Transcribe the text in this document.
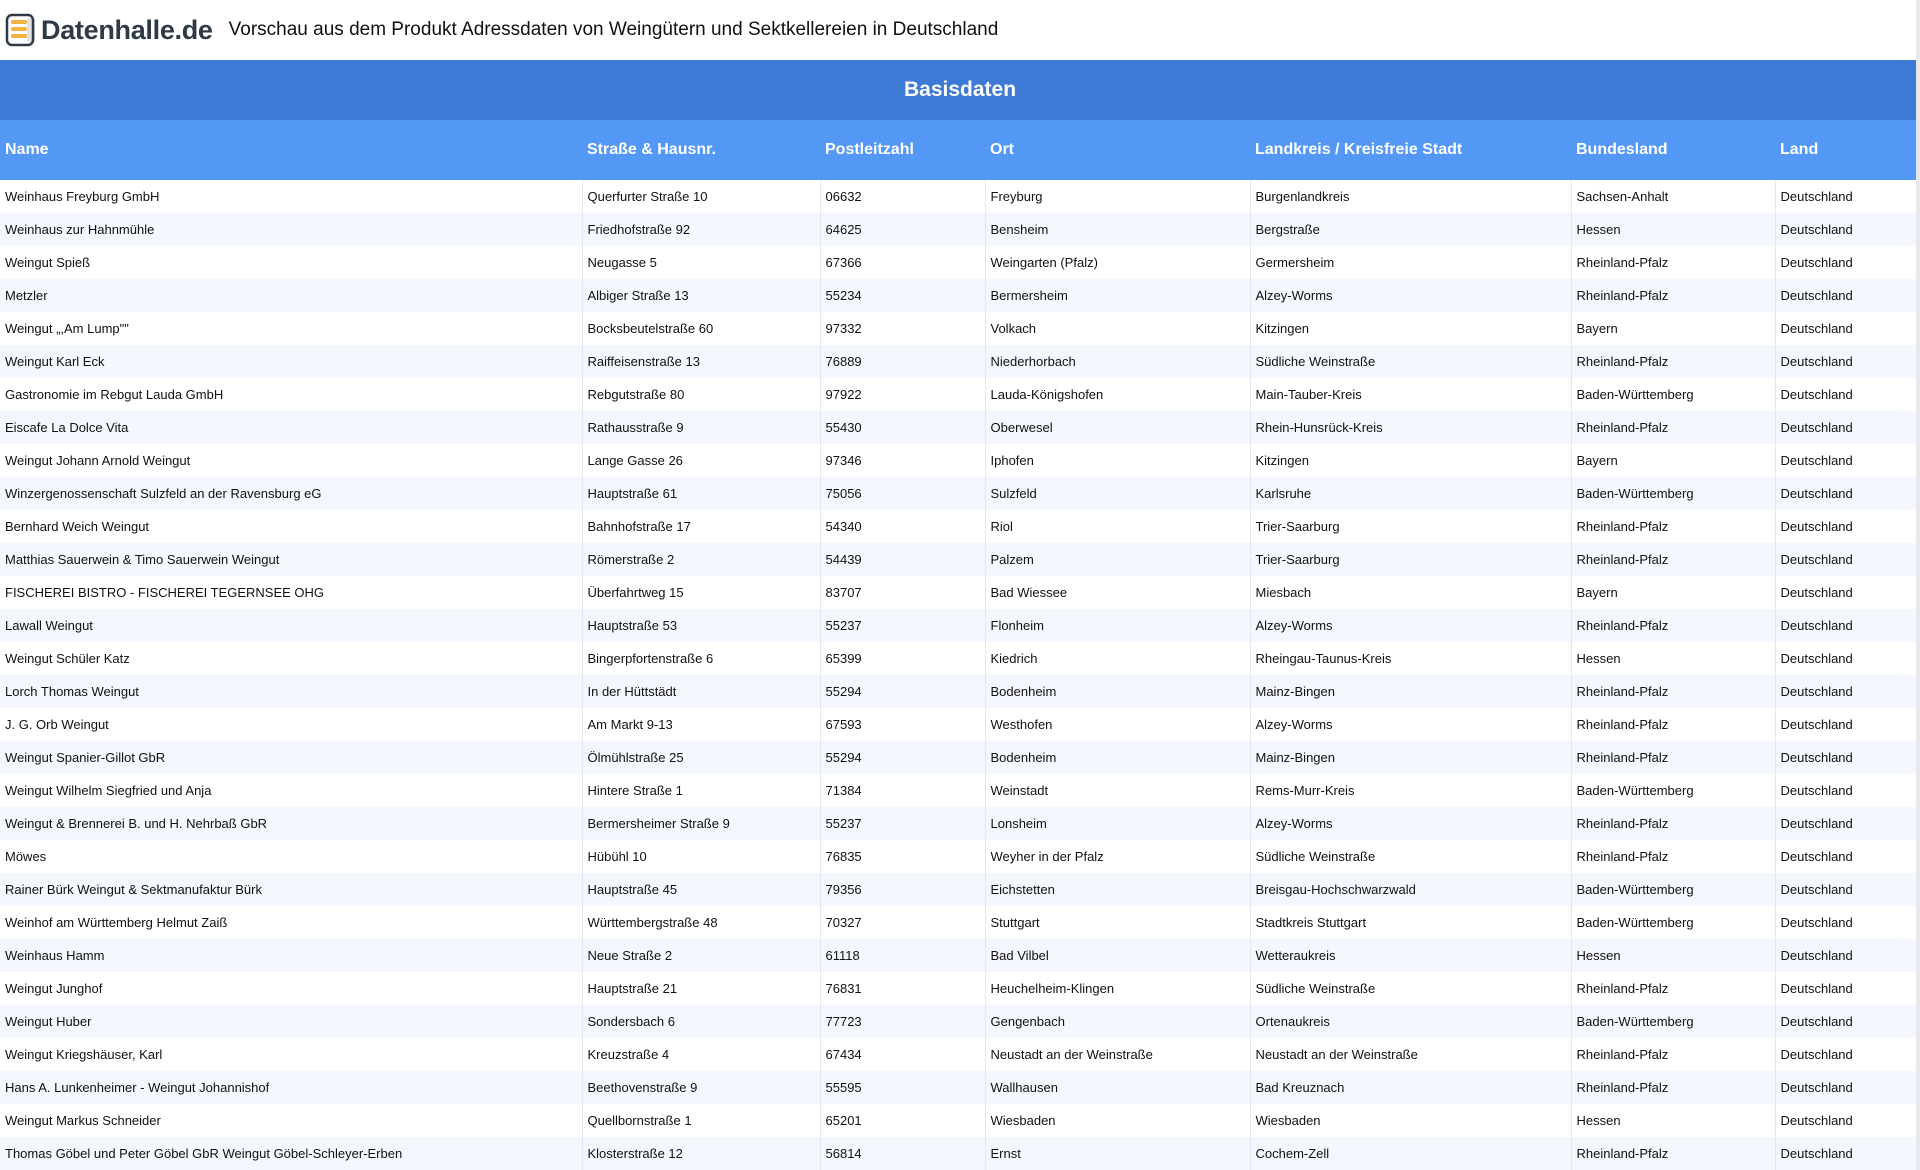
Datenhalle.de Vorschau aus dem Produkt Adressdaten von Weingütern und Sektkellereien in Deutschland
Basisdaten						
Name	Straße & Hausnr.	Postleitzahl	Ort	Landkreis / Kreisfreie Stadt	Bundesland	Land
Weinhaus Freyburg GmbH	Querfurter Straße 10	06632	Freyburg	Burgenlandkreis	Sachsen-Anhalt	Deutschland
Weinhaus zur Hahnmühle	Friedhofstraße 92	64625	Bensheim	Bergstraße	Hessen	Deutschland
Weingut Spieß	Neugasse 5	67366	Weingarten (Pfalz)	Germersheim	Rheinland-Pfalz	Deutschland
Metzler	Albiger Straße 13	55234	Bermersheim	Alzey-Worms	Rheinland-Pfalz	Deutschland
Weingut „,Am Lump""	Bocksbeutelstraße 60	97332	Volkach	Kitzingen	Bayern	Deutschland
Weingut Karl Eck	Raiffeisenstraße 13	76889	Niederhorbach	Südliche Weinstraße	Rheinland-Pfalz	Deutschland
Gastronomie im Rebgut Lauda GmbH	Rebgutstraße 80	97922	Lauda-Königshofen	Main-Tauber-Kreis	Baden-Württemberg	Deutschland
Eiscafe La Dolce Vita	Rathausstraße 9	55430	Oberwesel	Rhein-Hunsrück-Kreis	Rheinland-Pfalz	Deutschland
Weingut Johann Arnold Weingut	Lange Gasse 26	97346	Iphofen	Kitzingen	Bayern	Deutschland
Winzergenossenschaft Sulzfeld an der Ravensburg eG	Hauptstraße 61	75056	Sulzfeld	Karlsruhe	Baden-Württemberg	Deutschland
Bernhard Weich Weingut	Bahnhofstraße 17	54340	Riol	Trier-Saarburg	Rheinland-Pfalz	Deutschland
Matthias Sauerwein & Timo Sauerwein Weingut	Römerstraße 2	54439	Palzem	Trier-Saarburg	Rheinland-Pfalz	Deutschland
FISCHEREI BISTRO - FISCHEREI TEGERNSEE OHG	Überfahrtweg 15	83707	Bad Wiessee	Miesbach	Bayern	Deutschland
Lawall Weingut	Hauptstraße 53	55237	Flonheim	Alzey-Worms	Rheinland-Pfalz	Deutschland
Weingut Schüler Katz	Bingerpfortenstraße 6	65399	Kiedrich	Rheingau-Taunus-Kreis	Hessen	Deutschland
Lorch Thomas Weingut	In der Hüttstädt	55294	Bodenheim	Mainz-Bingen	Rheinland-Pfalz	Deutschland
J. G. Orb Weingut	Am Markt 9-13	67593	Westhofen	Alzey-Worms	Rheinland-Pfalz	Deutschland
Weingut Spanier-Gillot GbR	Ölmühlstraße 25	55294	Bodenheim	Mainz-Bingen	Rheinland-Pfalz	Deutschland
Weingut Wilhelm Siegfried und Anja	Hintere Straße 1	71384	Weinstadt	Rems-Murr-Kreis	Baden-Württemberg	Deutschland
Weingut & Brennerei B. und H. Nehrbaß GbR	Bermersheimer Straße 9	55237	Lonsheim	Alzey-Worms	Rheinland-Pfalz	Deutschland
Möwes	Hübühl 10	76835	Weyher in der Pfalz	Südliche Weinstraße	Rheinland-Pfalz	Deutschland
Rainer Bürk Weingut & Sektmanufaktur Bürk	Hauptstraße 45	79356	Eichstetten	Breisgau-Hochschwarzwald	Baden-Württemberg	Deutschland
Weinhof am Württemberg Helmut Zaiß	Württembergstraße 48	70327	Stuttgart	Stadtkreis Stuttgart	Baden-Württemberg	Deutschland
Weinhaus Hamm	Neue Straße 2	61118	Bad Vilbel	Wetteraukreis	Hessen	Deutschland
Weingut Junghof	Hauptstraße 21	76831	Heuchelheim-Klingen	Südliche Weinstraße	Rheinland-Pfalz	Deutschland
Weingut Huber	Sondersbach 6	77723	Gengenbach	Ortenaukreis	Baden-Württemberg	Deutschland
Weingut Kriegshäuser, Karl	Kreuzstraße 4	67434	Neustadt an der Weinstraße	Neustadt an der Weinstraße	Rheinland-Pfalz	Deutschland
Hans A. Lunkenheimer - Weingut Johannishof	Beethovenstraße 9	55595	Wallhausen	Bad Kreuznach	Rheinland-Pfalz	Deutschland
Weingut Markus Schneider	Quellbornstraße 1	65201	Wiesbaden	Wiesbaden	Hessen	Deutschland
Thomas Göbel und Peter Göbel GbR Weingut Göbel-Schleyer-Erben	Klosterstraße 12	56814	Ernst	Cochem-Zell	Rheinland-Pfalz	Deutschland
